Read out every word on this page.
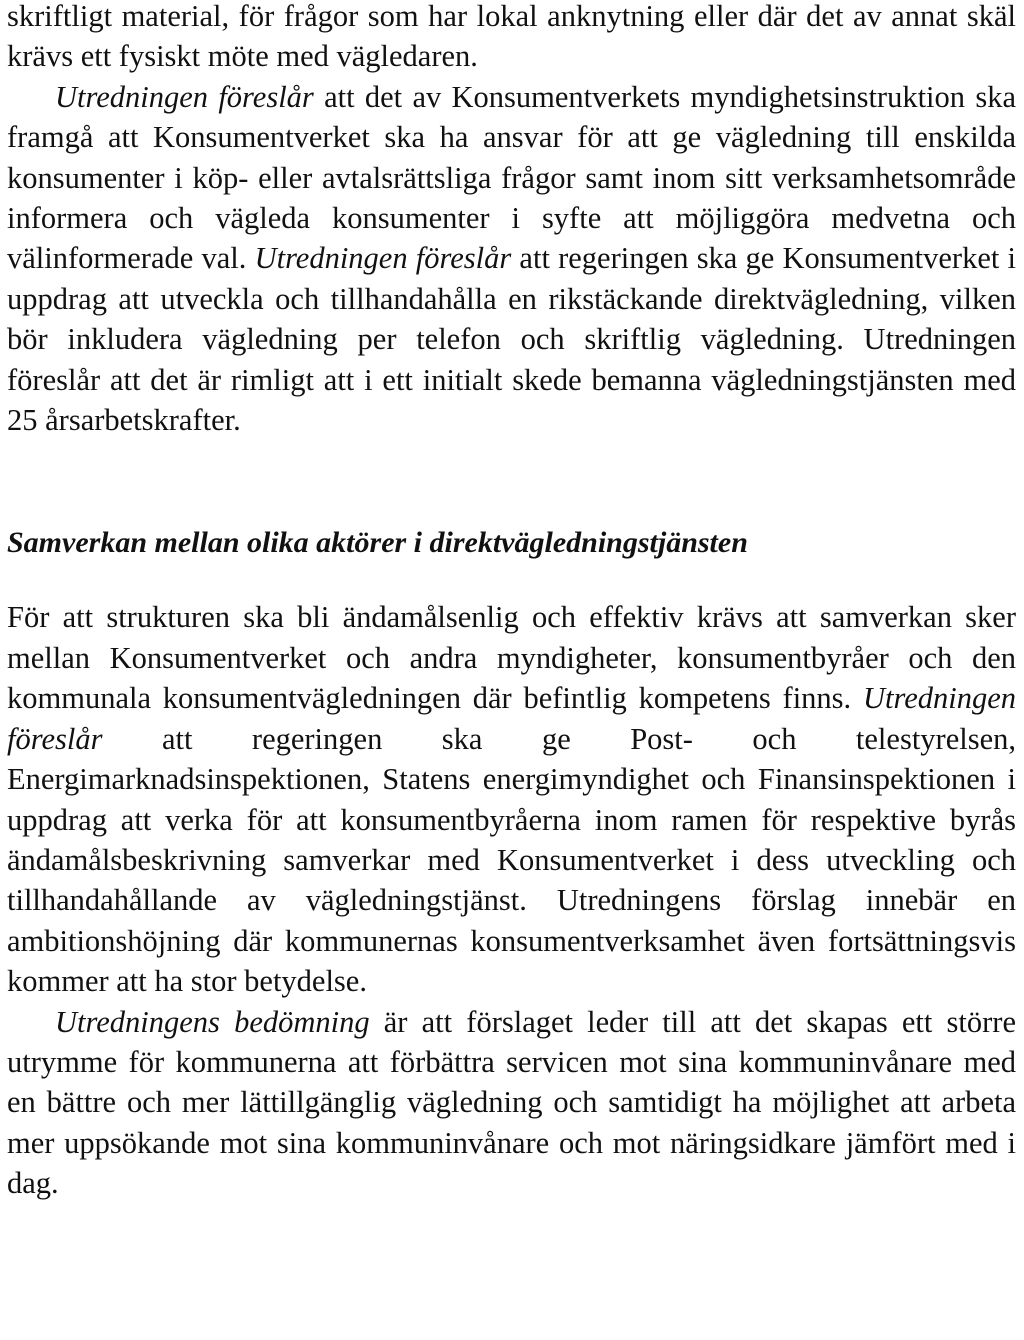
skriftligt material, för frågor som har lokal anknytning eller där det av annat skäl krävs ett fysiskt möte med vägledaren.

Utredningen föreslår att det av Konsumentverkets myndighetsinstruktion ska framgå att Konsumentverket ska ha ansvar för att ge vägledning till enskilda konsumenter i köp- eller avtalsrättsliga frågor samt inom sitt verksamhetsområde informera och vägleda konsumenter i syfte att möjliggöra medvetna och välinformerade val. Utredningen föreslår att regeringen ska ge Konsumentverket i uppdrag att utveckla och tillhandahålla en rikstäckande direktvägledning, vilken bör inkludera vägledning per telefon och skriftlig vägledning. Utredningen föreslår att det är rimligt att i ett initialt skede bemanna vägledningstjänsten med 25 årsarbetskrafter.

Samverkan mellan olika aktörer i direktvägledningstjänsten

För att strukturen ska bli ändamålsenlig och effektiv krävs att samverkan sker mellan Konsumentverket och andra myndigheter, konsumentbyråer och den kommunala konsumentvägledningen där befintlig kompetens finns. Utredningen föreslår att regeringen ska ge Post- och telestyrelsen, Energimarknadsinspektionen, Statens energimyndighet och Finansinspektionen i uppdrag att verka för att konsumentbyråerna inom ramen för respektive byrås ändamålsbeskrivning samverkar med Konsumentverket i dess utveckling och tillhandahållande av vägledningstjänst. Utredningens förslag innebär en ambitionshöjning där kommunernas konsumentverksamhet även fortsättningsvis kommer att ha stor betydelse.

Utredningens bedömning är att förslaget leder till att det skapas ett större utrymme för kommunerna att förbättra servicen mot sina kommuninvånare med en bättre och mer lättillgänglig vägledning och samtidigt ha möjlighet att arbeta mer uppsökande mot sina kommuninvånare och mot näringsidkare jämfört med i dag.
